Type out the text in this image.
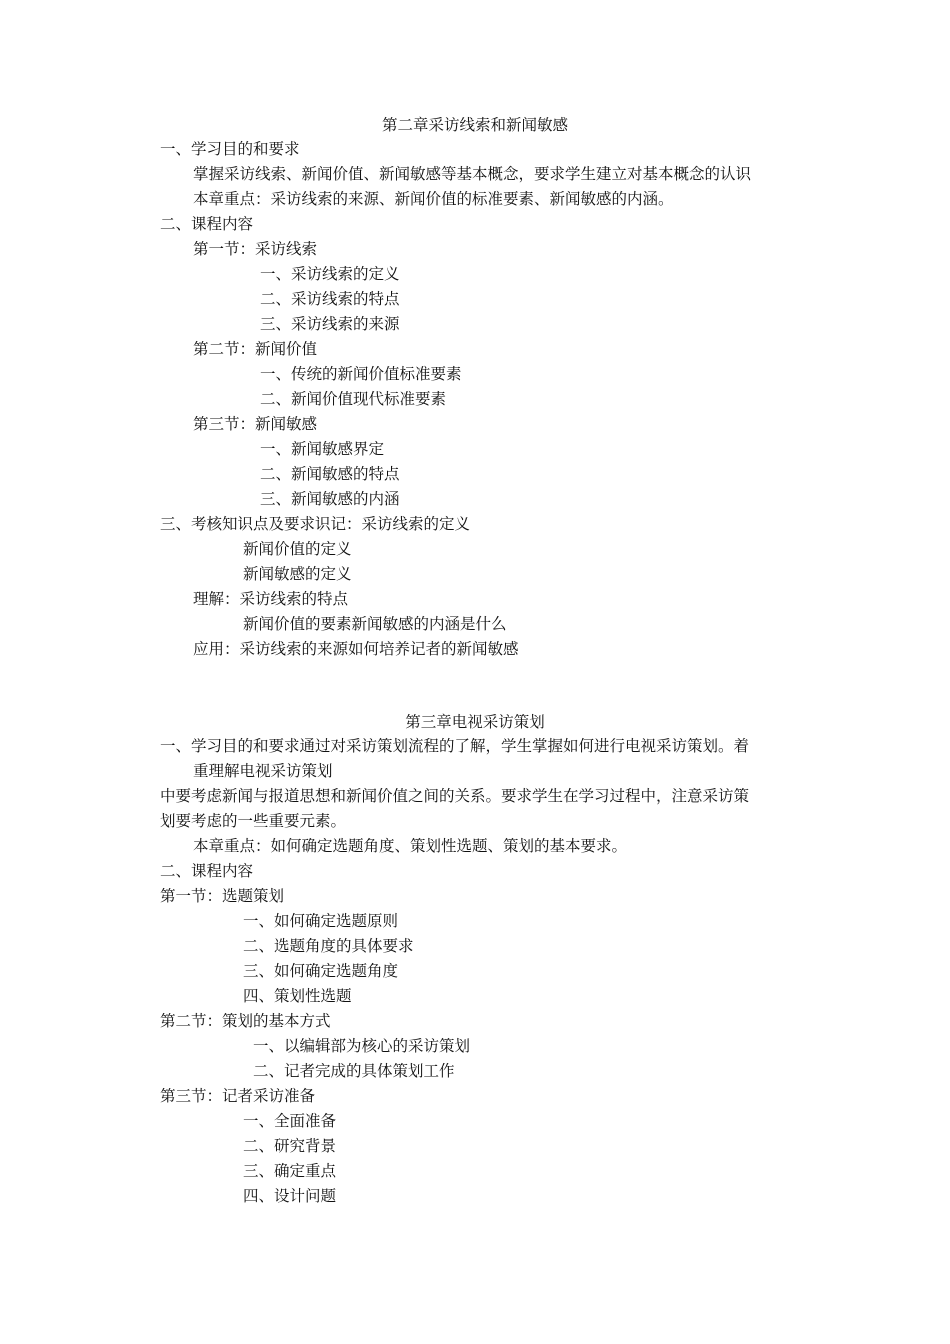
第二章采访线索和新闻敏感
一、学习目的和要求
掌握采访线索、新闻价值、新闻敏感等基本概念，要求学生建立对基本概念的认识
本章重点：采访线索的来源、新闻价值的标准要素、新闻敏感的内涵。
二、课程内容
第一节：采访线索
一、采访线索的定义
二、采访线索的特点
三、采访线索的来源
第二节：新闻价值
一、传统的新闻价值标准要素
二、新闻价值现代标准要素
第三节：新闻敏感
一、新闻敏感界定
二、新闻敏感的特点
三、新闻敏感的内涵
三、考核知识点及要求识记：采访线索的定义
新闻价值的定义
新闻敏感的定义
理解：采访线索的特点
新闻价值的要素新闻敏感的内涵是什么
应用：采访线索的来源如何培养记者的新闻敏感
第三章电视采访策划
一、学习目的和要求通过对采访策划流程的了解，学生掌握如何进行电视采访策划。着
重理解电视采访策划
中要考虑新闻与报道思想和新闻价值之间的关系。要求学生在学习过程中，注意采访策
划要考虑的一些重要元素。
本章重点：如何确定选题角度、策划性选题、策划的基本要求。
二、课程内容
第一节：选题策划
一、如何确定选题原则
二、选题角度的具体要求
三、如何确定选题角度
四、策划性选题
第二节：策划的基本方式
一、以编辑部为核心的采访策划
二、记者完成的具体策划工作
第三节：记者采访准备
一、全面准备
二、研究背景
三、确定重点
四、设计问题
